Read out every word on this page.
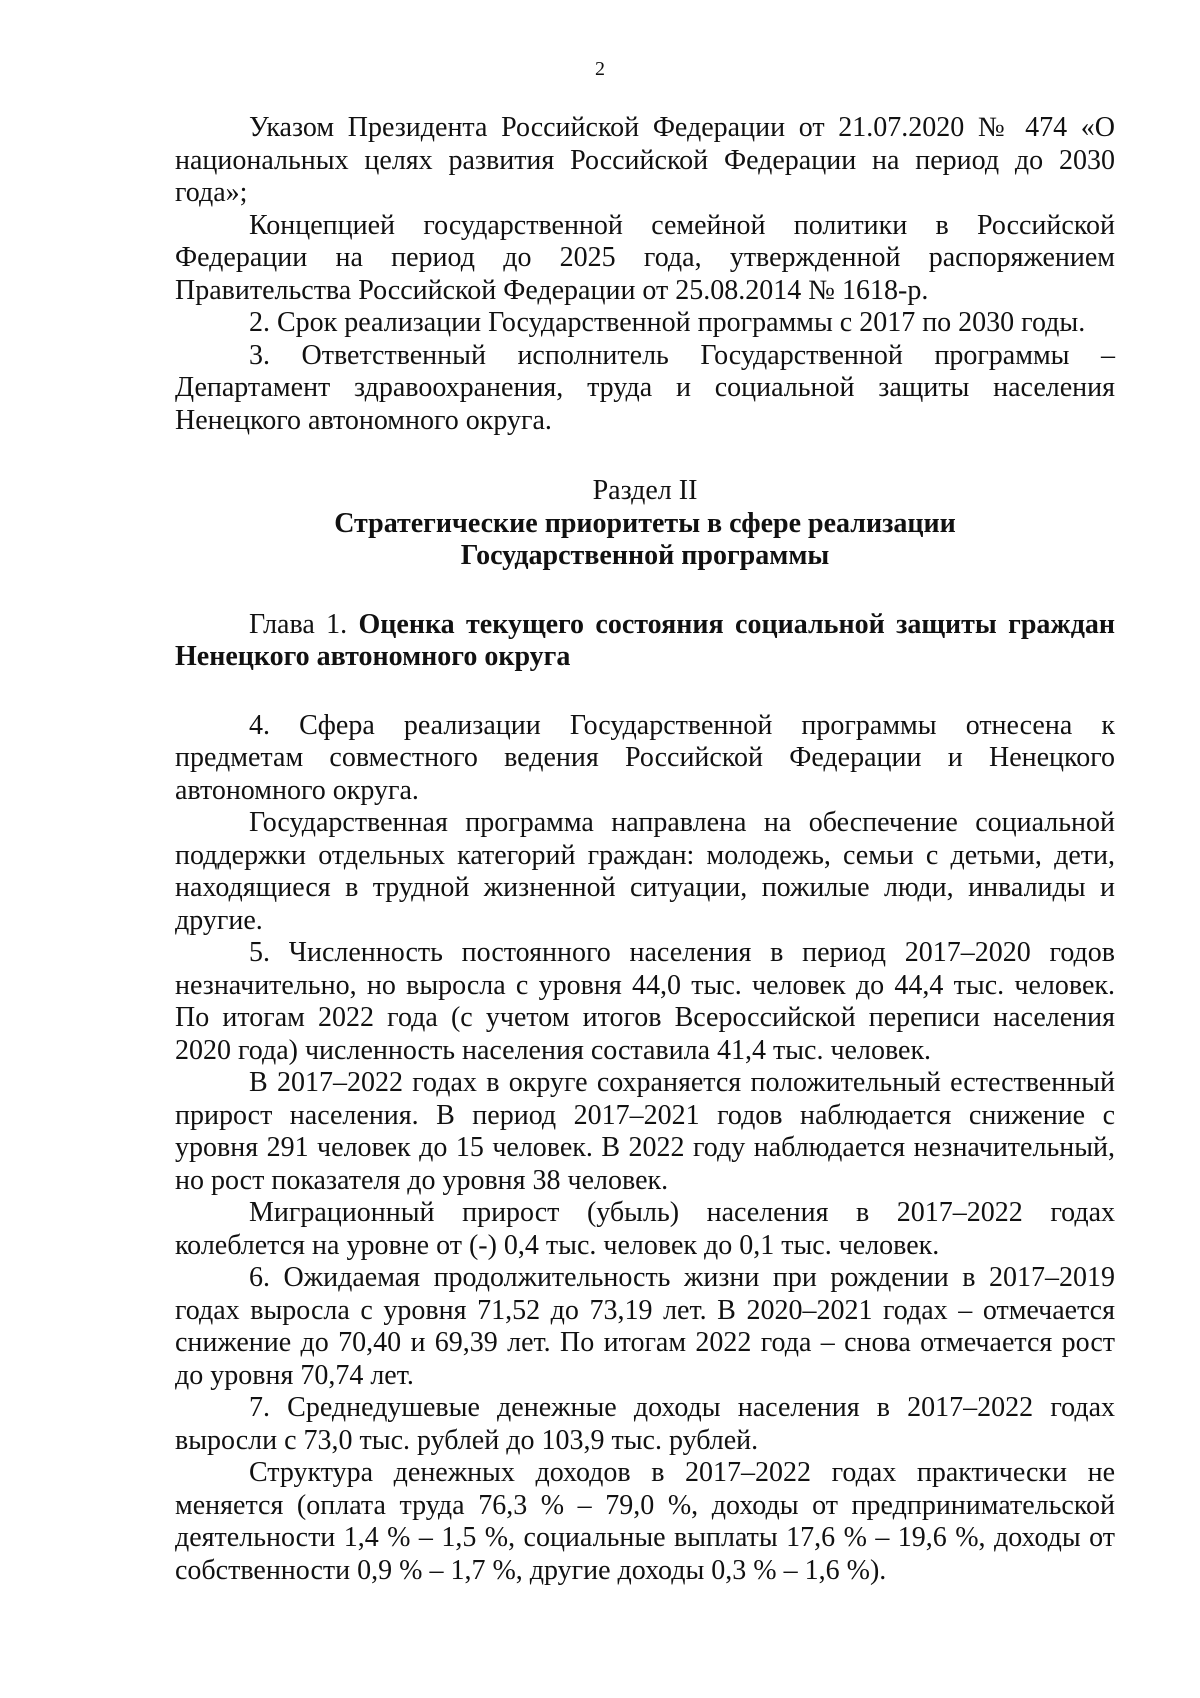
2

Указом Президента Российской Федерации от 21.07.2020 № 474 «О национальных целях развития Российской Федерации на период до 2030 года»;

Концепцией государственной семейной политики в Российской Федерации на период до 2025 года, утвержденной распоряжением Правительства Российской Федерации от 25.08.2014 № 1618-р.

2. Срок реализации Государственной программы с 2017 по 2030 годы.

3. Ответственный исполнитель Государственной программы – Департамент здравоохранения, труда и социальной защиты населения Ненецкого автономного округа.

Раздел II
Стратегические приоритеты в сфере реализации
Государственной программы

Глава 1. Оценка текущего состояния социальной защиты граждан Ненецкого автономного округа

4. Сфера реализации Государственной программы отнесена к предметам совместного ведения Российской Федерации и Ненецкого автономного округа.

Государственная программа направлена на обеспечение социальной поддержки отдельных категорий граждан: молодежь, семьи с детьми, дети, находящиеся в трудной жизненной ситуации, пожилые люди, инвалиды и другие.

5. Численность постоянного населения в период 2017–2020 годов незначительно, но выросла с уровня 44,0 тыс. человек до 44,4 тыс. человек. По итогам 2022 года (с учетом итогов Всероссийской переписи населения 2020 года) численность населения составила 41,4 тыс. человек.

В 2017–2022 годах в округе сохраняется положительный естественный прирост населения. В период 2017–2021 годов наблюдается снижение с уровня 291 человек до 15 человек. В 2022 году наблюдается незначительный, но рост показателя до уровня 38 человек.

Миграционный прирост (убыль) населения в 2017–2022 годах колеблется на уровне от (-) 0,4 тыс. человек до 0,1 тыс. человек.

6. Ожидаемая продолжительность жизни при рождении в 2017–2019 годах выросла с уровня 71,52 до 73,19 лет. В 2020–2021 годах – отмечается снижение до 70,40 и 69,39 лет. По итогам 2022 года – снова отмечается рост до уровня 70,74 лет.

7. Среднедушевые денежные доходы населения в 2017–2022 годах выросли с 73,0 тыс. рублей до 103,9 тыс. рублей.

Структура денежных доходов в 2017–2022 годах практически не меняется (оплата труда 76,3 % – 79,0 %, доходы от предпринимательской деятельности 1,4 % – 1,5 %, социальные выплаты 17,6 % – 19,6 %, доходы от собственности 0,9 % – 1,7 %, другие доходы 0,3 % – 1,6 %).
